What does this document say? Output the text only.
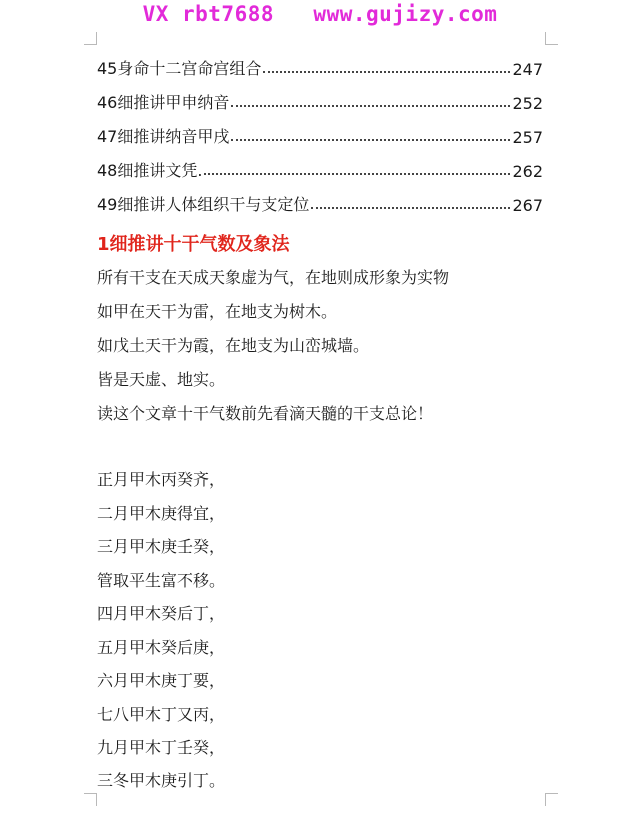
VX rbt7688   www.gujizy.com
45身命十二宫命宫组合	247
46细推讲甲申纳音	252
47细推讲纳音甲戌	257
48细推讲文凭.	262
49细推讲人体组织干与支定位	267
1细推讲十干气数及象法
所有干支在天成天象虚为气，在地则成形象为实物
如甲在天干为雷，在地支为树木。
如戊土天干为霞，在地支为山峦城墙。
皆是天虚、地实。
读这个文章十干气数前先看滴天髓的干支总论！
正月甲木丙癸齐，
二月甲木庚得宜，
三月甲木庚壬癸，
管取平生富不移。
四月甲木癸后丁，
五月甲木癸后庚，
六月甲木庚丁要，
七八甲木丁又丙，
九月甲木丁壬癸，
三冬甲木庚引丁。
